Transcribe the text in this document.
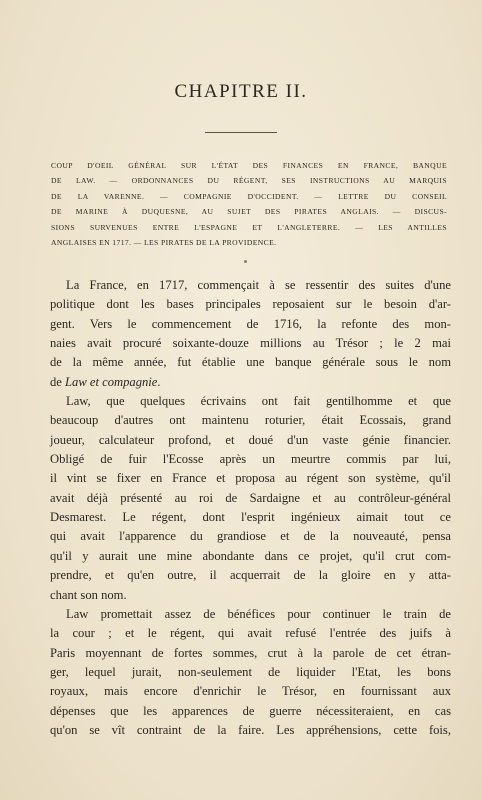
CHAPITRE II.
COUP D'OEIL GÉNÉRAL SUR L'ÉTAT DES FINANCES EN FRANCE, BANQUE
DE LAW. — ORDONNANCES DU RÉGENT, SES INSTRUCTIONS AU MARQUIS
DE LA VARENNE. — COMPAGNIE D'OCCIDENT. — LETTRE DU CONSEIL
DE MARINE À DUQUESNE, AU SUJET DES PIRATES ANGLAIS. — DISCUS-
SIONS SURVENUES ENTRE L'ESPAGNE ET L'ANGLETERRE. — LES ANTILLES
ANGLAISES EN 1717. — LES PIRATES DE LA PROVIDENCE.

La France, en 1717, commençait à se ressentir des suites d'une
politique dont les bases principales reposaient sur le besoin d'ar-
gent. Vers le commencement de 1716, la refonte des mon-
naies avait procuré soixante-douze millions au Trésor ; le 2 mai
de la même année, fut établie une banque générale sous le nom
de Law et compagnie.

Law, que quelques écrivains ont fait gentilhomme et que
beaucoup d'autres ont maintenu roturier, était Ecossais, grand
joueur, calculateur profond, et doué d'un vaste génie financier.
Obligé de fuir l'Ecosse après un meurtre commis par lui,
il vint se fixer en France et proposa au régent son système, qu'il
avait déjà présenté au roi de Sardaigne et au contrôleur-général
Desmarest. Le régent, dont l'esprit ingénieux aimait tout ce
qui avait l'apparence du grandiose et de la nouveauté, pensa
qu'il y aurait une mine abondante dans ce projet, qu'il crut com-
prendre, et qu'en outre, il acquerrait de la gloire en y atta-
chant son nom.

Law promettait assez de bénéfices pour continuer le train de
la cour ; et le régent, qui avait refusé l'entrée des juifs à
Paris moyennant de fortes sommes, crut à la parole de cet étran-
ger, lequel jurait, non-seulement de liquider l'Etat, les bons
royaux, mais encore d'enrichir le Trésor, en fournissant aux
dépenses que les apparences de guerre nécessiteraient, en cas
qu'on se vît contraint de la faire. Les appréhensions, cette fois,
